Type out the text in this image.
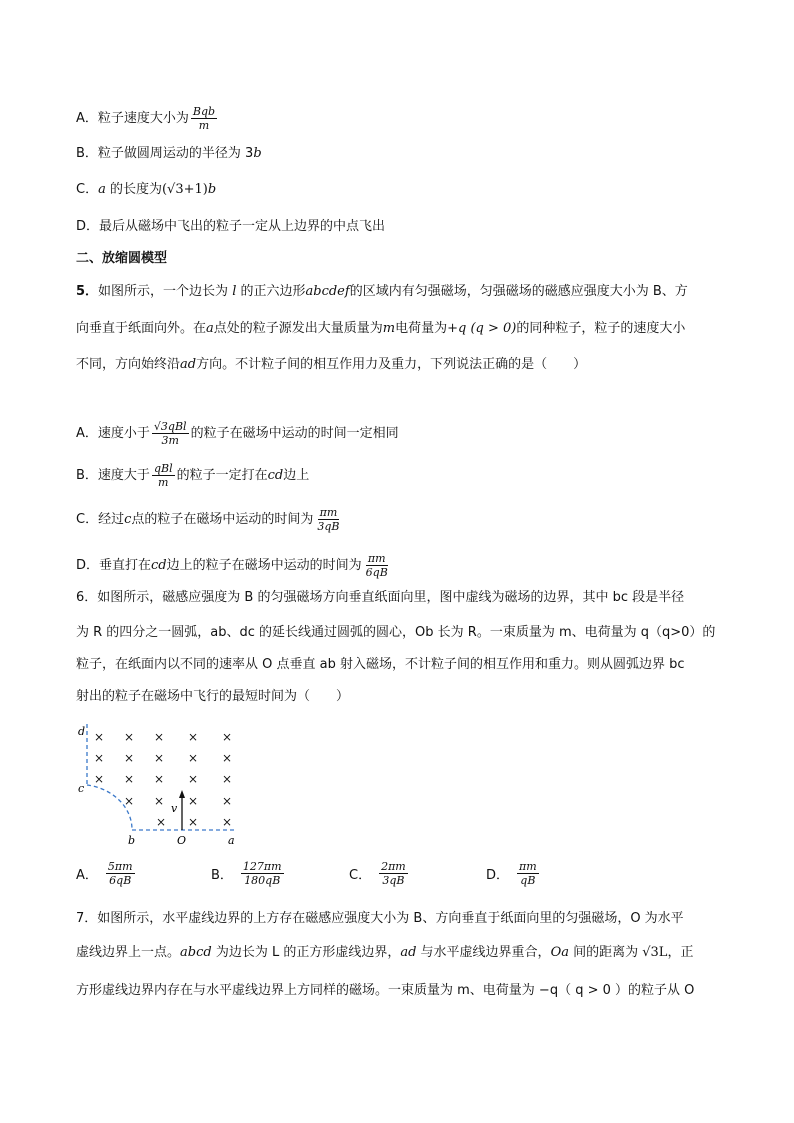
A．粒子速度大小为 $\frac{\text{Bqb}}{m}$
B．粒子做圆周运动的半径为 3b
C．a 的长度为(√3+1)b
D．最后从磁场中飞出的粒子一定从上边界的中点飞出
二、放缩圆模型
5．如图所示，一个边长为 l 的正六边形abcdef的区域内有匀强磁场，匀强磁场的磁感应强度大小为 B、方
向垂直于纸面向外。在a点处的粒子源发出大量质量为m电荷量为+q (q > 0)的同种粒子，粒子的速度大小
不同，方向始终沿ad方向。不计粒子间的相互作用力及重力，下列说法正确的是（　　）
A．速度小于 $\frac{\text{√3qBl}}{3m}$ 的粒子在磁场中运动的时间一定相同
B．速度大于 $\frac{\text{qBl}}{m}$ 的粒子一定打在cd边上
C．经过c点的粒子在磁场中运动的时间为 $\frac{\pi m}{3qB}$
D．垂直打在cd边上的粒子在磁场中运动的时间为 $\frac{\pi m}{6qB}$
6．如图所示，磁感应强度为 B 的匀强磁场方向垂直纸面向里，图中虚线为磁场的边界，其中 bc 段是半径
为 R 的四分之一圆弧，ab、dc 的延长线通过圆弧的圆心，Ob 长为 R。一束质量为 m、电荷量为 q（q>0）的
粒子，在纸面内以不同的速率从 O 点垂直 ab 射入磁场，不计粒子间的相互作用和重力。则从圆弧边界 bc
射出的粒子在磁场中飞行的最短时间为（　　）
× × × × ×
× × × × ×
× × × × ×
× × × ×
× × ×
v
d
c
b	O	a
A． $\frac{5\pi m}{6qB}$	B． $\frac{127\pi m}{180qB}$	C． $\frac{2\pi m}{3qB}$	D． $\frac{\pi m}{qB}$
7．如图所示，水平虚线边界的上方存在磁感应强度大小为 B、方向垂直于纸面向里的匀强磁场，O 为水平
虚线边界上一点。abcd 为边长为 L 的正方形虚线边界，ad 与水平虚线边界重合，Oa 间的距离为 √3L，正
方形虚线边界内存在与水平虚线边界上方同样的磁场。一束质量为 m、电荷量为 −q（ q > 0 ）的粒子从 O
